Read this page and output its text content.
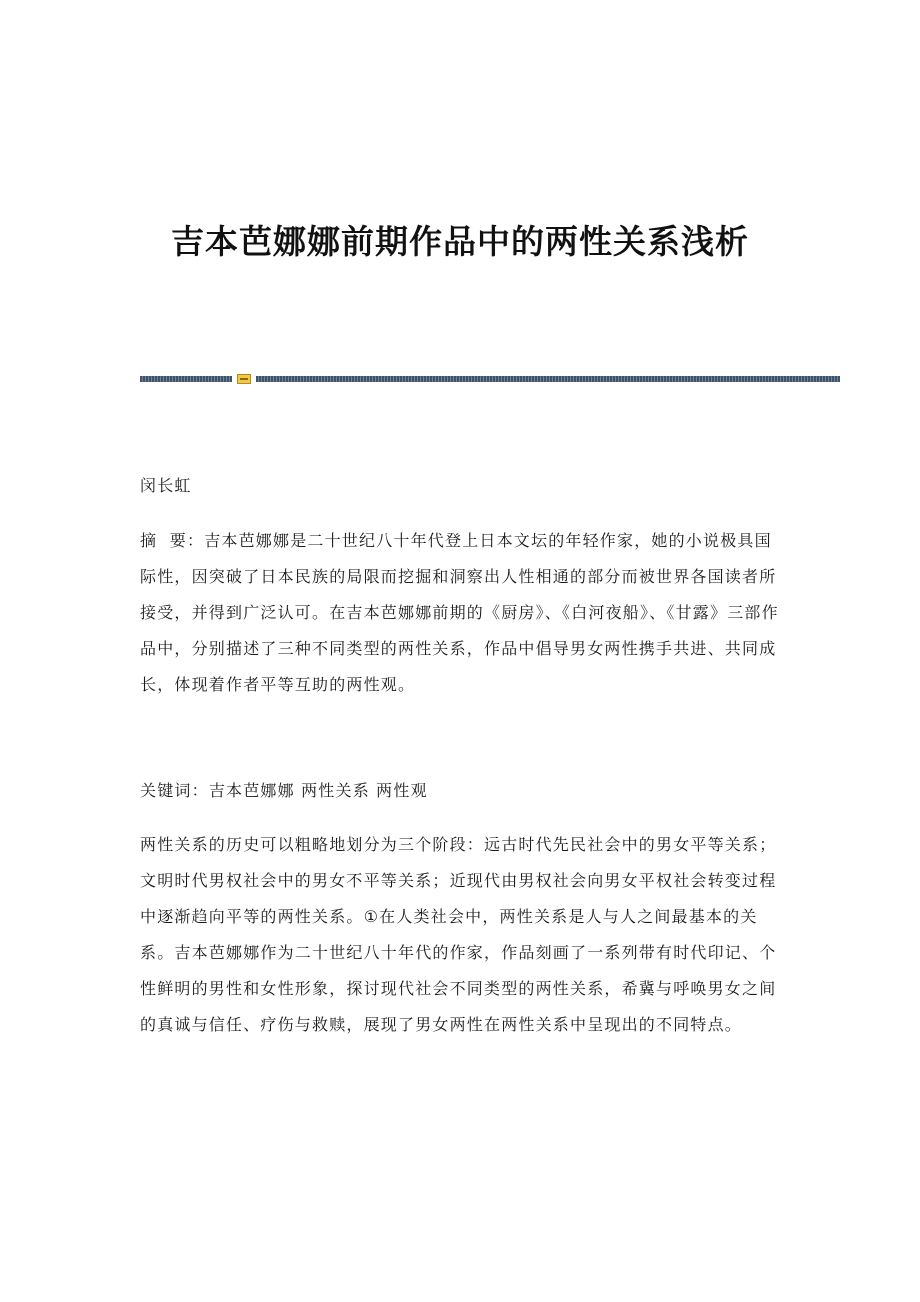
吉本芭娜娜前期作品中的两性关系浅析
闵长虹
摘  要：吉本芭娜娜是二十世纪八十年代登上日本文坛的年轻作家，她的小说极具国际性，因突破了日本民族的局限而挖掘和洞察出人性相通的部分而被世界各国读者所接受，并得到广泛认可。在吉本芭娜娜前期的《厨房》、《白河夜船》、《甘露》三部作品中，分别描述了三种不同类型的两性关系，作品中倡导男女两性携手共进、共同成长，体现着作者平等互助的两性观。
关键词：吉本芭娜娜 两性关系 两性观
两性关系的历史可以粗略地划分为三个阶段：远古时代先民社会中的男女平等关系；文明时代男权社会中的男女不平等关系；近现代由男权社会向男女平权社会转变过程中逐渐趋向平等的两性关系。①在人类社会中，两性关系是人与人之间最基本的关系。吉本芭娜娜作为二十世纪八十年代的作家，作品刻画了一系列带有时代印记、个性鲜明的男性和女性形象，探讨现代社会不同类型的两性关系，希冀与呼唤男女之间的真诚与信任、疗伤与救赎，展现了男女两性在两性关系中呈现出的不同特点。
